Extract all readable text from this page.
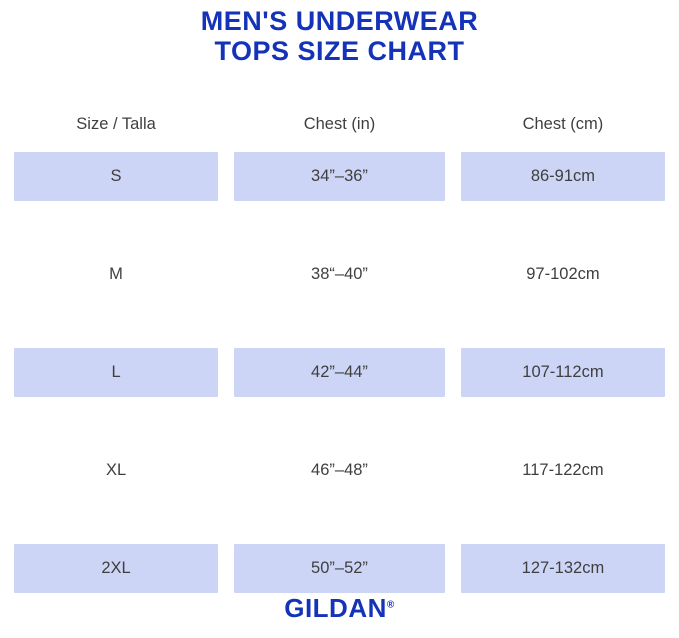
MEN'S UNDERWEAR
TOPS SIZE CHART
Size / Talla	Chest (in)	Chest (cm)

S	34”–36”	86-91cm

M	38“–40”	97-102cm

L	42”–44”	107-112cm

XL	46”–48”	117-122cm

2XL	50”–52”	127-132cm
GILDAN®
